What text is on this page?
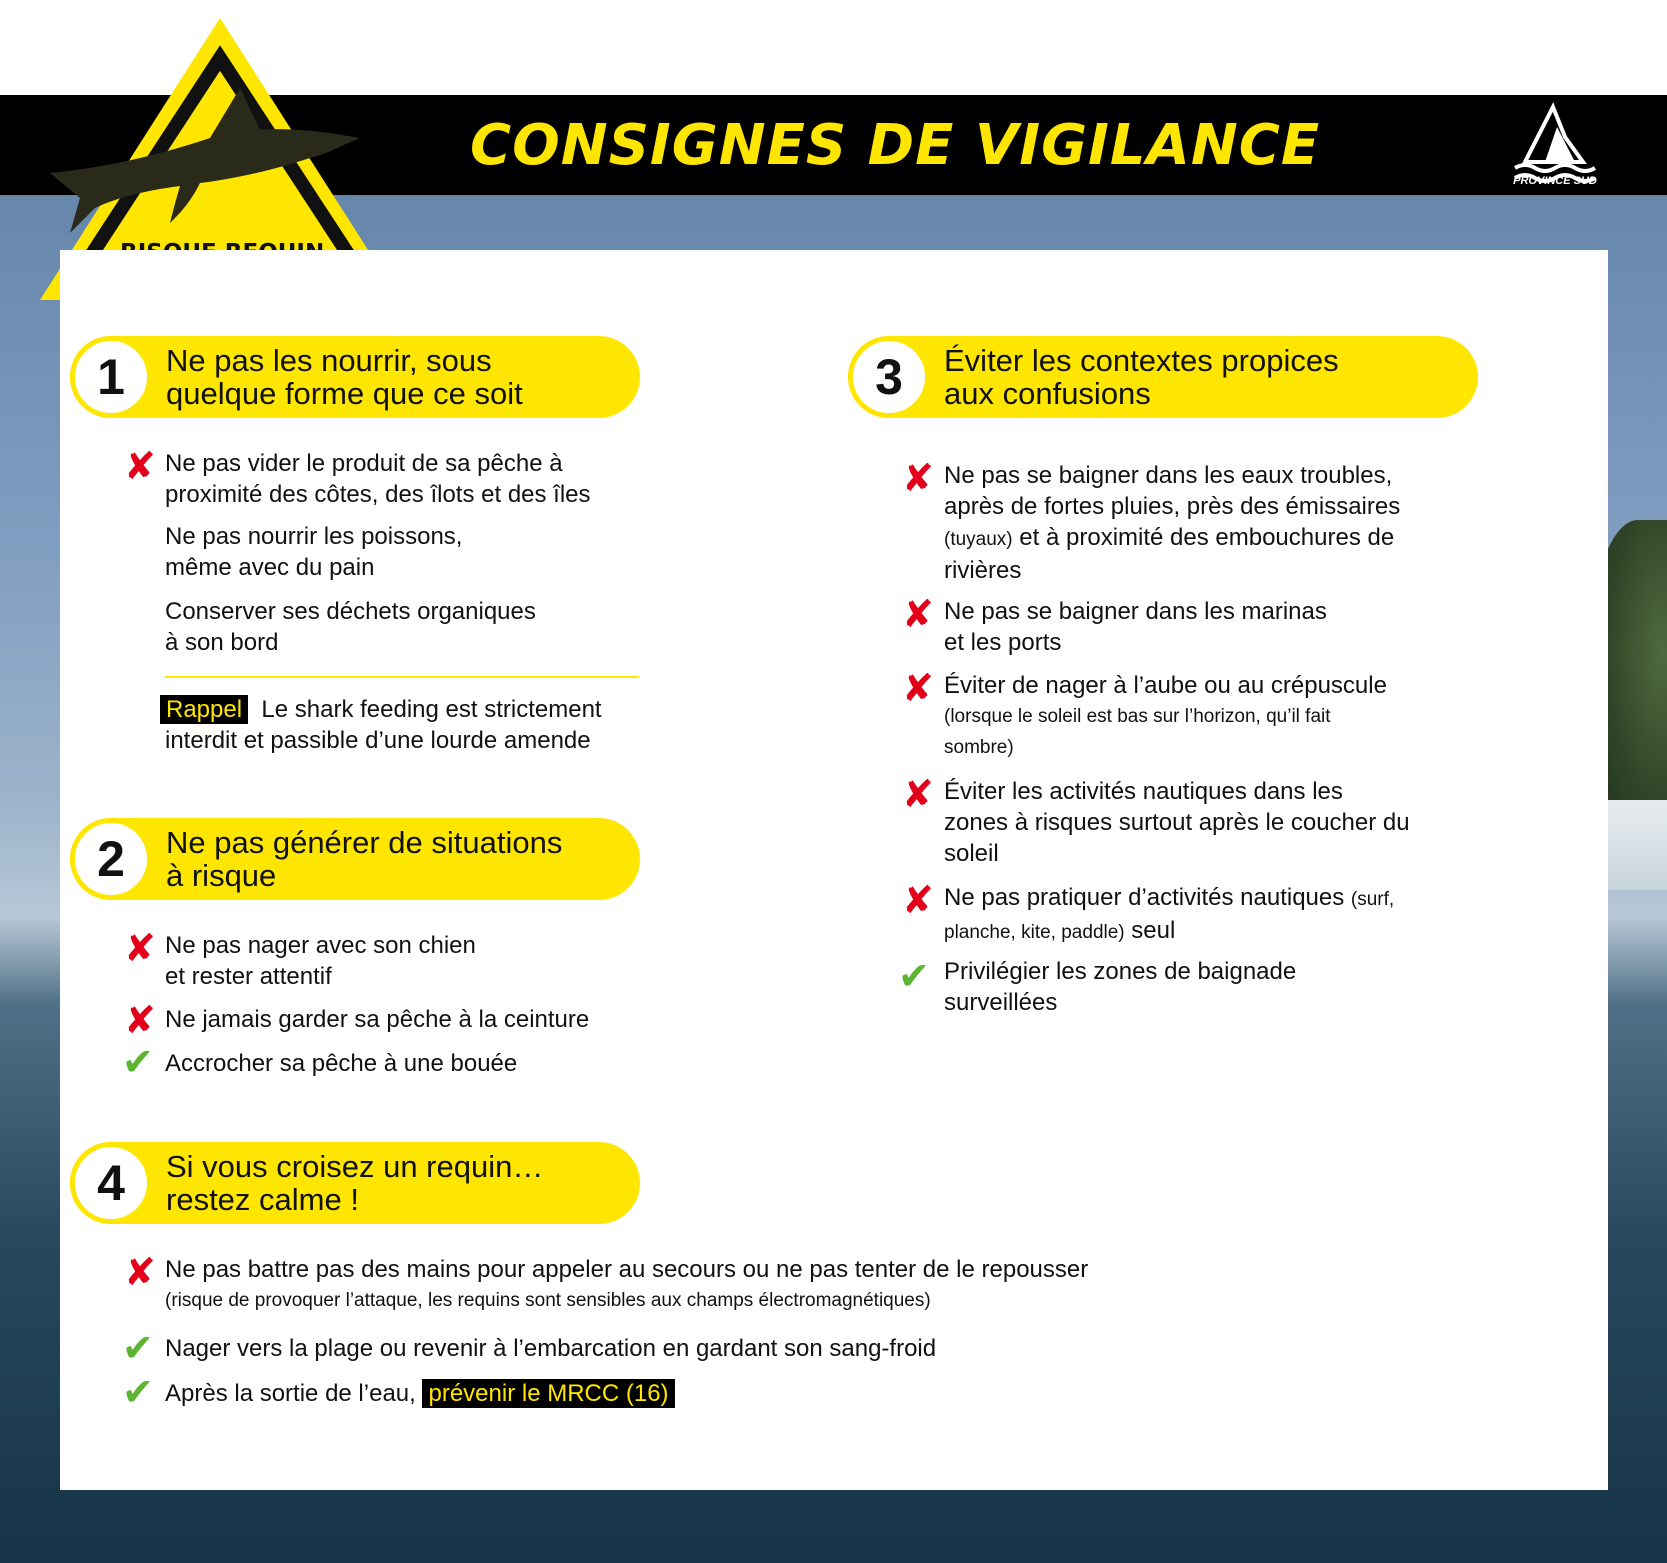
CONSIGNES DE VIGILANCE
PROVINCE SUD
1	Ne pas les nourrir, sous
quelque forme que ce soit
✘ Ne pas vider le produit de sa pêche à
proximité des côtes, des îlots et des îles
Ne pas nourrir les poissons,
même avec du pain
Conserver ses déchets organiques
à son bord
Rappel Le shark feeding est strictement
interdit et passible d’une lourde amende
2	Ne pas générer de situations
à risque
✘ Ne pas nager avec son chien
et rester attentif
✘ Ne jamais garder sa pêche à la ceinture
✔ Accrocher sa pêche à une bouée
3	Éviter les contextes propices
aux confusions
✘ Ne pas se baigner dans les eaux troubles,
après de fortes pluies, près des émissaires
(tuyaux) et à proximité des embouchures de
rivières
✘ Ne pas se baigner dans les marinas
et les ports
✘ Éviter de nager à l’aube ou au crépuscule
(lorsque le soleil est bas sur l’horizon, qu’il fait
sombre)
✘ Éviter les activités nautiques dans les
zones à risques surtout après le coucher du
soleil
✘ Ne pas pratiquer d’activités nautiques (surf,
planche, kite, paddle) seul
✔ Privilégier les zones de baignade
surveillées
4	Si vous croisez un requin…
restez calme !
✘ Ne pas battre pas des mains pour appeler au secours ou ne pas tenter de le repousser
(risque de provoquer l’attaque, les requins sont sensibles aux champs électromagnétiques)
✔ Nager vers la plage ou revenir à l’embarcation en gardant son sang-froid
✔ Après la sortie de l’eau, prévenir le MRCC (16)
